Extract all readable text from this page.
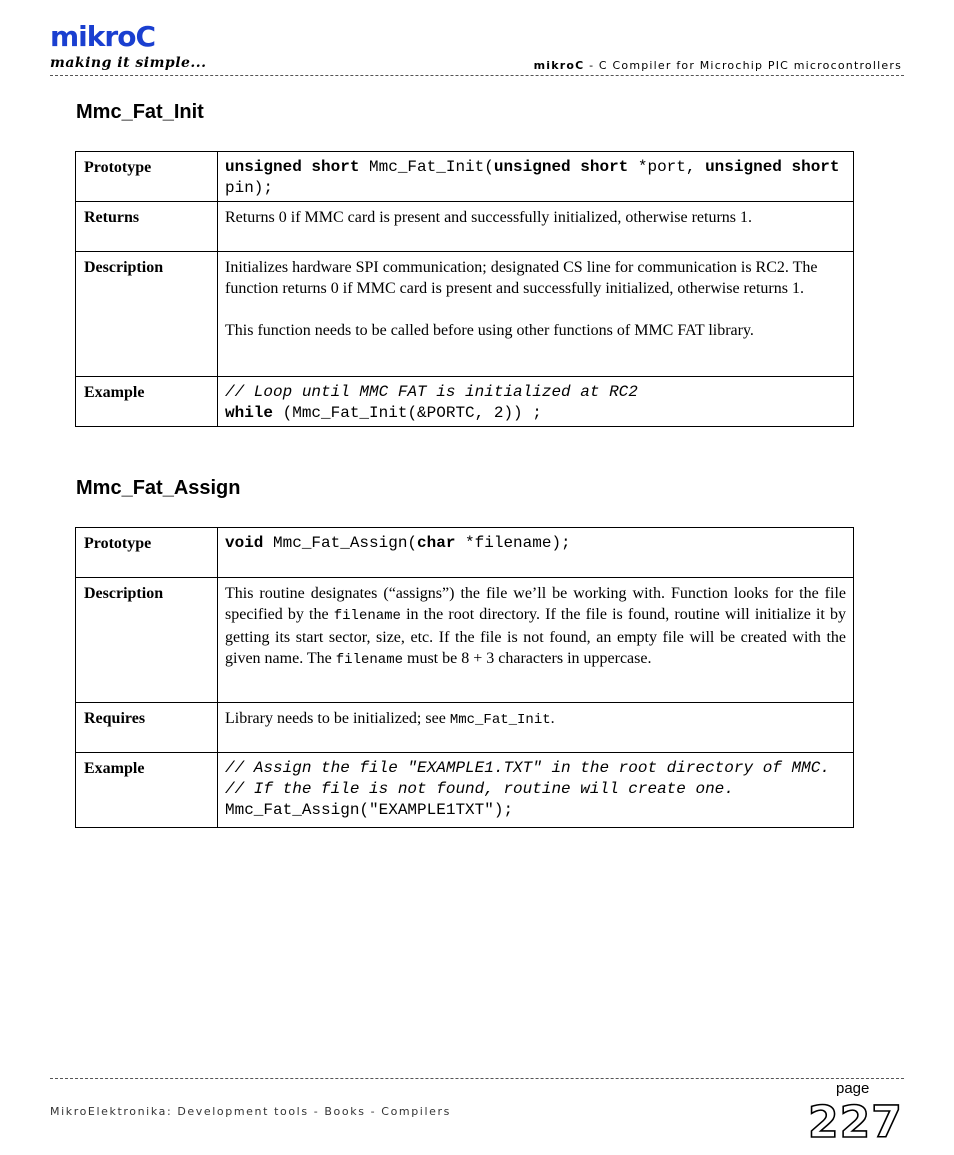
mikroC
making it simple...	mikroC - C Compiler for Microchip PIC microcontrollers
Mmc_Fat_Init
Prototype	unsigned short Mmc_Fat_Init(unsigned short *port, unsigned short pin);
Returns	Returns 0 if MMC card is present and successfully initialized, otherwise returns 1.
Description	Initializes hardware SPI communication; designated CS line for communication is RC2. The function returns 0 if MMC card is present and successfully initialized, otherwise returns 1.

This function needs to be called before using other functions of MMC FAT library.

Example	// Loop until MMC FAT is initialized at RC2
while (Mmc_Fat_Init(&PORTC, 2)) ;
Mmc_Fat_Assign
Prototype	void Mmc_Fat_Assign(char *filename);
Description	This routine designates (“assigns”) the file we’ll be working with. Function looks for the file specified by the filename in the root directory. If the file is found, routine will initialize it by getting its start sector, size, etc. If the file is not found, an empty file will be created with the given name. The filename must be 8 + 3 characters in uppercase.
Requires	Library needs to be initialized; see Mmc_Fat_Init.
Example	// Assign the file "EXAMPLE1.TXT" in the root directory of MMC.
// If the file is not found, routine will create one.
Mmc_Fat_Assign("EXAMPLE1TXT");
page
MikroElektronika: Development tools - Books - Compilers	227
